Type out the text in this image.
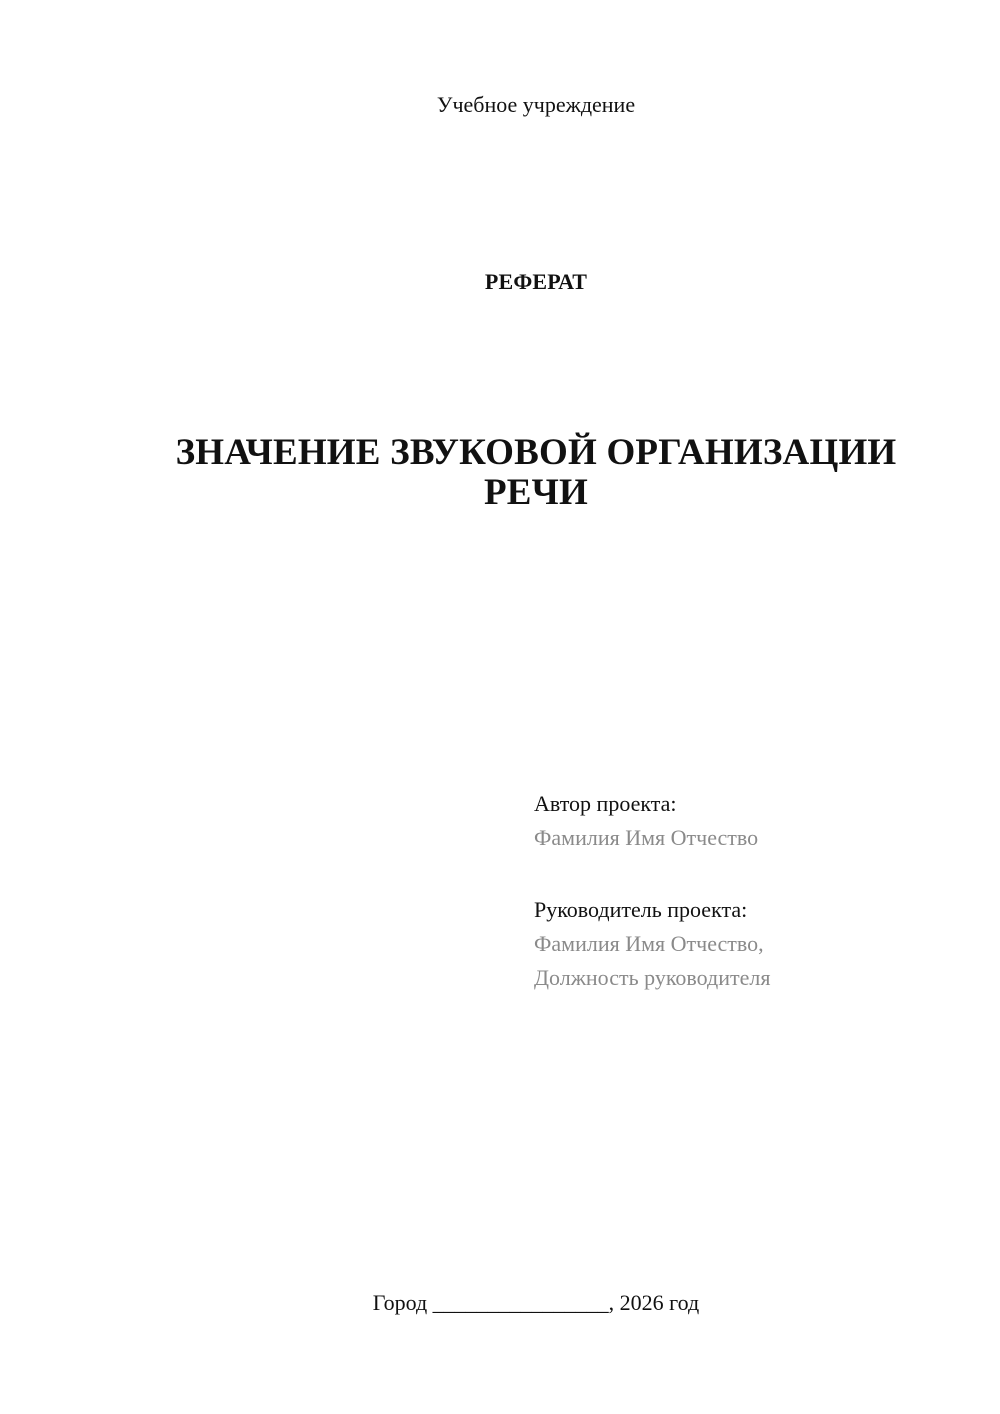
Учебное учреждение
РЕФЕРАТ
ЗНАЧЕНИЕ ЗВУКОВОЙ ОРГАНИЗАЦИИ
РЕЧИ
Автор проекта:
Фамилия Имя Отчество
Руководитель проекта:
Фамилия Имя Отчество,
Должность руководителя
Город ________________, 2026 год
